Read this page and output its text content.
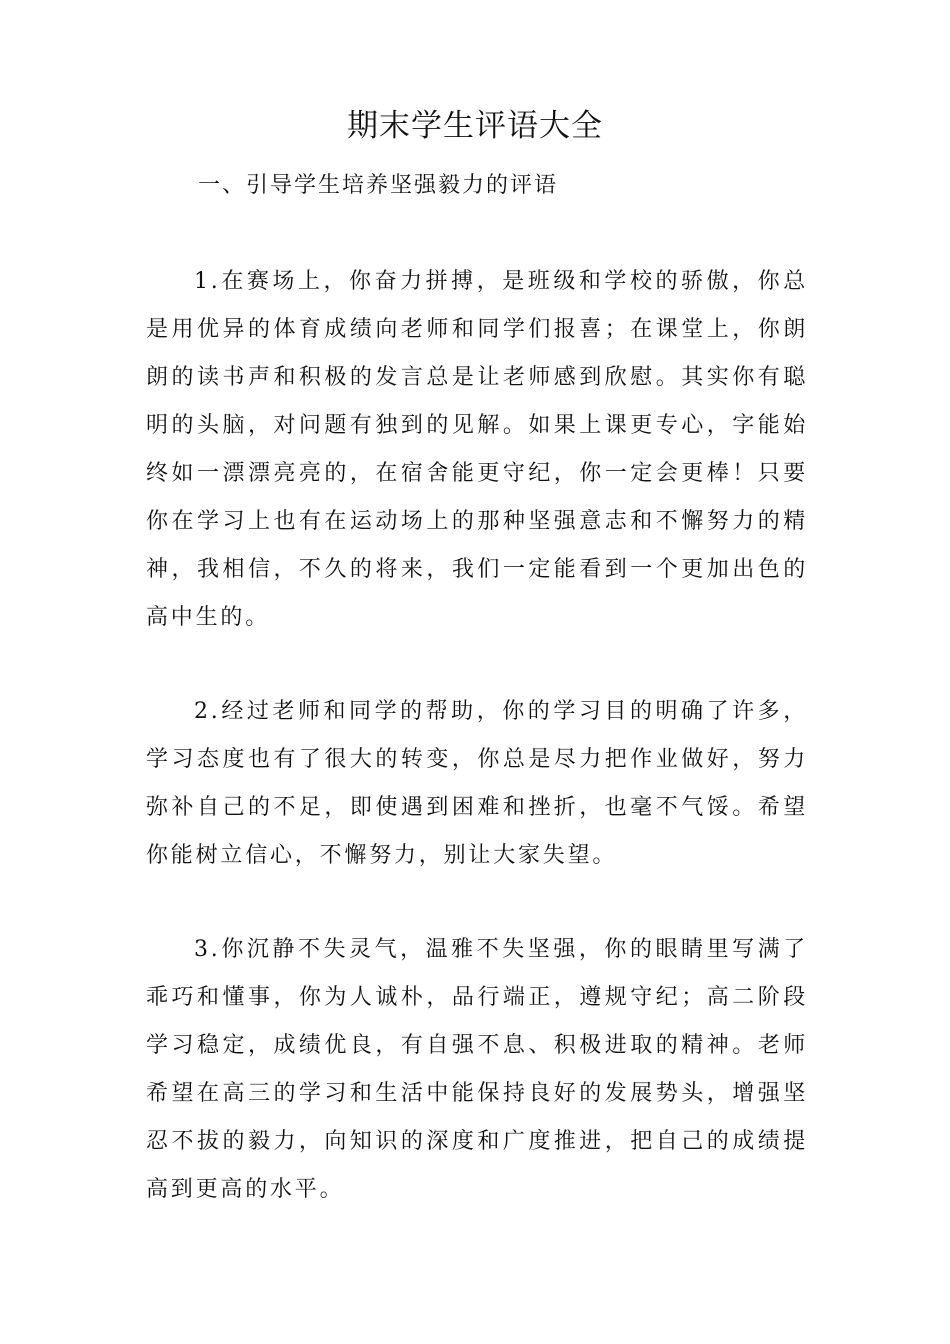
期末学生评语大全
一、引导学生培养坚强毅力的评语

1.在赛场上，你奋力拼搏，是班级和学校的骄傲，你总是用优异的体育成绩向老师和同学们报喜；在课堂上，你朗朗的读书声和积极的发言总是让老师感到欣慰。其实你有聪明的头脑，对问题有独到的见解。如果上课更专心，字能始终如一漂漂亮亮的，在宿舍能更守纪，你一定会更棒！只要你在学习上也有在运动场上的那种坚强意志和不懈努力的精神，我相信，不久的将来，我们一定能看到一个更加出色的高中生的。

2.经过老师和同学的帮助，你的学习目的明确了许多，学习态度也有了很大的转变，你总是尽力把作业做好，努力弥补自己的不足，即使遇到困难和挫折，也毫不气馁。希望你能树立信心，不懈努力，别让大家失望。

3.你沉静不失灵气，温雅不失坚强，你的眼睛里写满了乖巧和懂事，你为人诚朴，品行端正，遵规守纪；高二阶段学习稳定，成绩优良，有自强不息、积极进取的精神。老师希望在高三的学习和生活中能保持良好的发展势头，增强坚忍不拔的毅力，向知识的深度和广度推进，把自己的成绩提高到更高的水平。
